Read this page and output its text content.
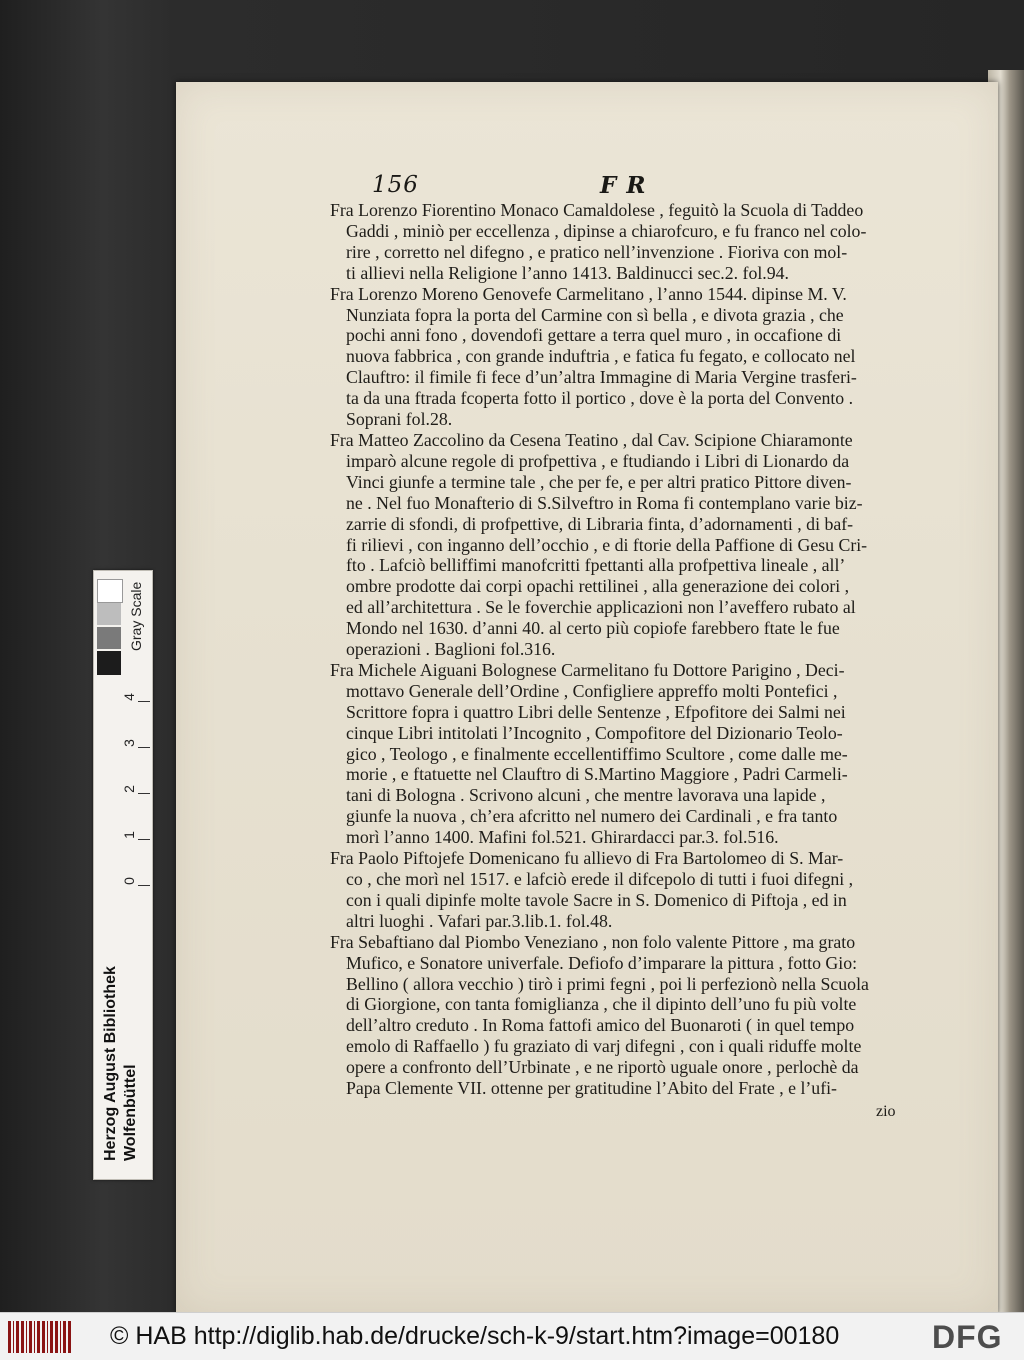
156	F R
Fra Lorenzo Fiorentino Monaco Camaldolese , feguitò la Scuola di Taddeo
Gaddi , miniò per eccellenza , dipinse a chiarofcuro, e fu franco nel colo-
rire , corretto nel difegno , e pratico nell’invenzione . Fioriva con mol-
ti allievi nella Religione l’anno 1413. Baldinucci sec.2. fol.94.
Fra Lorenzo Moreno Genovefe Carmelitano , l’anno 1544. dipinse M. V.
Nunziata fopra la porta del Carmine con sì bella , e divota grazia , che
pochi anni fono , dovendofi gettare a terra quel muro , in occafione di
nuova fabbrica , con grande induftria , e fatica fu fegato, e collocato nel
Clauftro: il fimile fi fece d’un’altra Immagine di Maria Vergine trasferi-
ta da una ftrada fcoperta fotto il portico , dove è la porta del Convento .
Soprani fol.28.
Fra Matteo Zaccolino da Cesena Teatino , dal Cav. Scipione Chiaramonte
imparò alcune regole di profpettiva , e ftudiando i Libri di Lionardo da
Vinci giunfe a termine tale , che per fe, e per altri pratico Pittore diven-
ne . Nel fuo Monafterio di S.Silveftro in Roma fi contemplano varie biz-
zarrie di sfondi, di profpettive, di Libraria finta, d’adornamenti , di baf-
fi rilievi , con inganno dell’occhio , e di ftorie della Paffione di Gesu Cri-
fto . Lafciò belliffimi manofcritti fpettanti alla profpettiva lineale , all’
ombre prodotte dai corpi opachi rettilinei , alla generazione dei colori ,
ed all’architettura . Se le foverchie applicazioni non l’aveffero rubato al
Mondo nel 1630. d’anni 40. al certo più copiofe farebbero ftate le fue
operazioni . Baglioni fol.316.
Fra Michele Aiguani Bolognese Carmelitano fu Dottore Parigino , Deci-
mottavo Generale dell’Ordine , Configliere appreffo molti Pontefici ,
Scrittore fopra i quattro Libri delle Sentenze , Efpofitore dei Salmi nei
cinque Libri intitolati l’Incognito , Compofitore del Dizionario Teolo-
gico , Teologo , e finalmente eccellentiffimo Scultore , come dalle me-
morie , e ftatuette nel Clauftro di S.Martino Maggiore , Padri Carmeli-
tani di Bologna . Scrivono alcuni , che mentre lavorava una lapide ,
giunfe la nuova , ch’era afcritto nel numero dei Cardinali , e fra tanto
morì l’anno 1400. Mafini fol.521. Ghirardacci par.3. fol.516.
Fra Paolo Piftojefe Domenicano fu allievo di Fra Bartolomeo di S. Mar-
co , che morì nel 1517. e lafciò erede il difcepolo di tutti i fuoi difegni ,
con i quali dipinfe molte tavole Sacre in S. Domenico di Piftoja , ed in
altri luoghi . Vafari par.3.lib.1. fol.48.
Fra Sebaftiano dal Piombo Veneziano , non folo valente Pittore , ma grato
Mufico, e Sonatore univerfale. Defiofo d’imparare la pittura , fotto Gio:
Bellino ( allora vecchio ) tirò i primi fegni , poi li perfezionò nella Scuola
di Giorgione, con tanta fomiglianza , che il dipinto dell’uno fu più volte
dell’altro creduto . In Roma fattofi amico del Buonaroti ( in quel tempo
emolo di Raffaello ) fu graziato di varj difegni , con i quali riduffe molte
opere a confronto dell’Urbinate , e ne riportò uguale onore , perlochè da
Papa Clemente VII. ottenne per gratitudine l’Abito del Frate , e l’ufi-
zio
Gray Scale
0
1
2
3
4
Herzog August Bibliothek Wolfenbüttel
© HAB http://diglib.hab.de/drucke/sch-k-9/start.htm?image=00180	DFG
